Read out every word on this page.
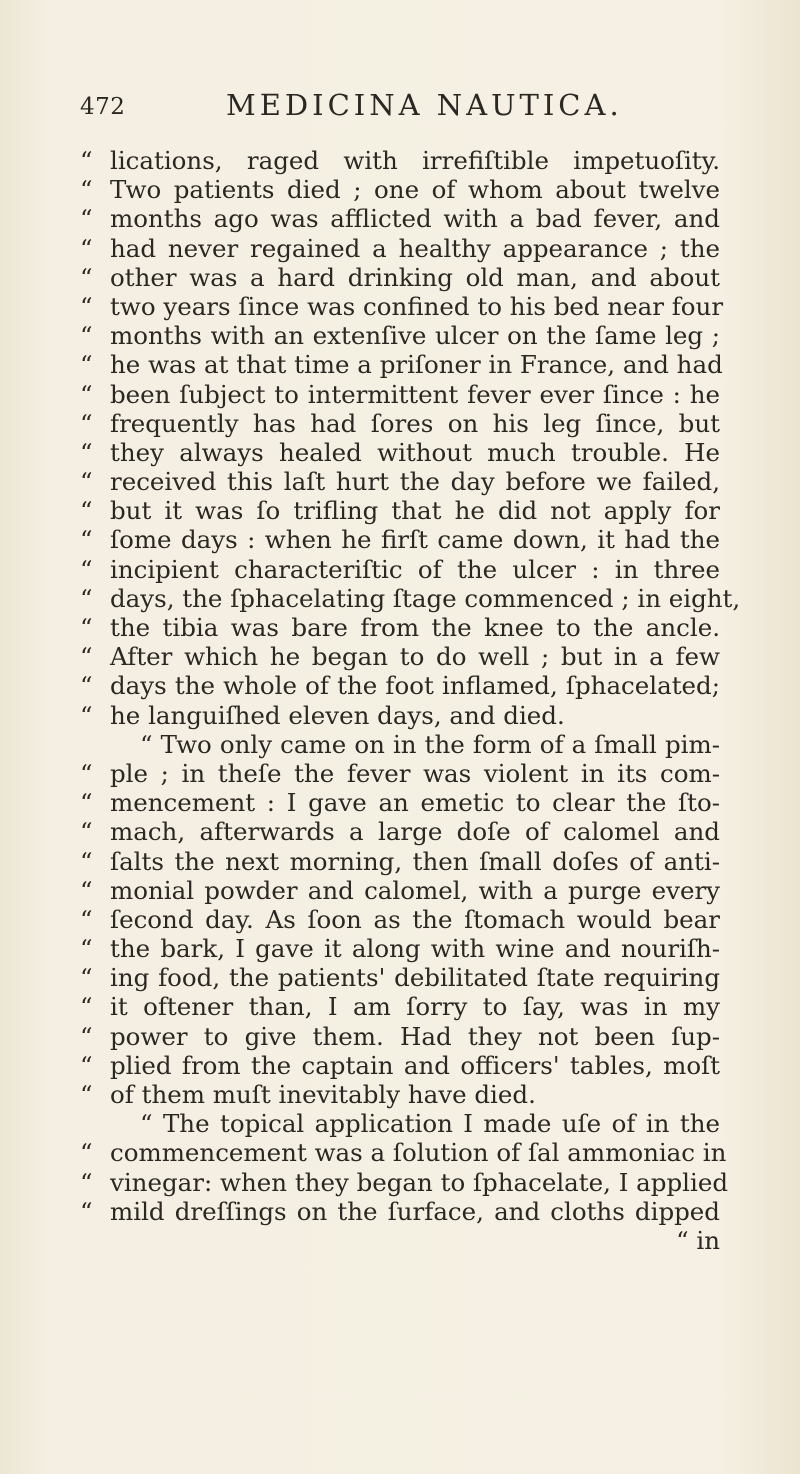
472	MEDICINA NAUTICA.
“ lications, raged with irrefiſtible impetuoſity.
“ Two patients died ; one of whom about twelve
“ months ago was afflicted with a bad fever, and
“ had never regained a healthy appearance ; the
“ other was a hard drinking old man, and about
“ two years ſince was confined to his bed near four
“ months with an extenſive ulcer on the ſame leg ;
“ he was at that time a priſoner in France, and had
“ been ſubject to intermittent fever ever ſince : he
“ frequently has had ſores on his leg ſince, but
“ they always healed without much trouble. He
“ received this laſt hurt the day before we failed,
“ but it was ſo trifling that he did not apply for
“ ſome days : when he firſt came down, it had the
“ incipient characteriſtic of the ulcer : in three
“ days, the ſphacelating ſtage commenced ; in eight,
“ the tibia was bare from the knee to the ancle.
“ After which he began to do well ; but in a few
“ days the whole of the foot inflamed, ſphacelated;
“ he languiſhed eleven days, and died.
“ Two only came on in the form of a ſmall pim-
“ ple ; in theſe the fever was violent in its com-
“ mencement : I gave an emetic to clear the ſto-
“ mach, afterwards a large doſe of calomel and
“ ſalts the next morning, then ſmall doſes of anti-
“ monial powder and calomel, with a purge every
“ ſecond day. As ſoon as the ſtomach would bear
“ the bark, I gave it along with wine and nouriſh-
“ ing food, the patients' debilitated ſtate requiring
“ it oftener than, I am ſorry to ſay, was in my
“ power to give them. Had they not been ſup-
“ plied from the captain and officers' tables, moſt
“ of them muſt inevitably have died.
“ The topical application I made uſe of in the
“ commencement was a ſolution of ſal ammoniac in
“ vinegar: when they began to ſphacelate, I applied
“ mild dreſſings on the ſurface, and cloths dipped
“ in
